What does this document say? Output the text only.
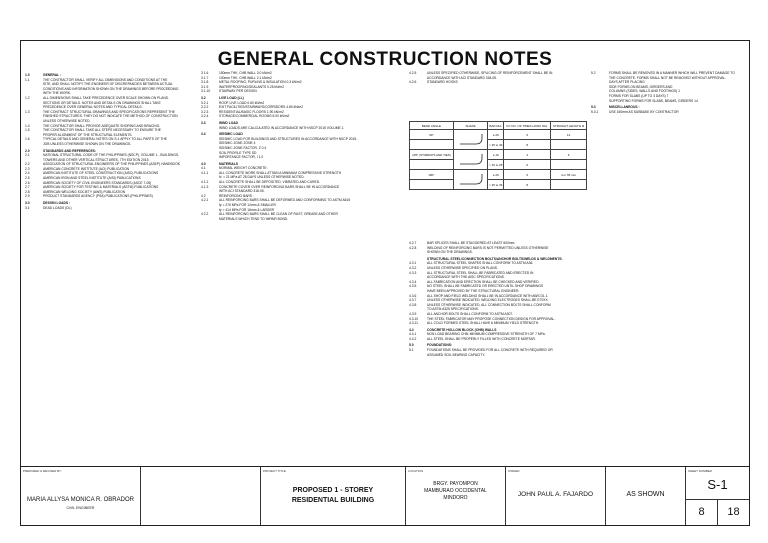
GENERAL CONSTRUCTION NOTES
1.0	GENERAL :
1.1	THE CONTRACTOR SHALL VERIFY ALL DIMENSIONS AND CONDITIONS AT THE
SITE, AND SHALL NOTIFY THE ENGINEER OF DISCREPANCIES BETWEEN ACTUAL
CONDITIONS AND INFORMATION SHOWN ON THE DRAWINGS BEFORE PROCEEDING
WITH THE WORK.
1.2	ALL DIMENSIONS SHALL TAKE PRECEDENCE OVER SCALE SHOWN ON PLANS.
SECTIONS OR DETAILS. NOTES AND DETAILS ON DRAWINGS SHALL TAKE
PRECEDENCE OVER GENERAL NOTES AND TYPICAL DETAILS.
1.3	THE CONTRACT STRUCTURAL DRAWINGS AND SPECIFICATIONS REPRESENT THE
FINISHED STRUCTURES. THEY DO NOT INDICATE THE METHOD OF CONSTRUCTION
UNLESS OTHERWISE NOTED.
1.4	THE CONTRACTOR SHALL PROVIDE ADEQUATE SHORING AND BRACING.
1.5	THE CONTRACTOR SHALL TAKE ALL STEPS NECESSARY TO ENSURE THE
PROPER ALIGNMENT OF THE STRUCTURAL ELEMENTS.
1.6	TYPICAL DETAILS AND GENERAL NOTES ON S-1 APPLY TO ALL PARTS OF THE
JOB UNLESS OTHERWISE SHOWN ON THE DRAWINGS.
2.0	STANDARDS AND REFERENCES:
2.1	NATIONAL STRUCTURAL CODE OF THE PHILIPPINES (NSCP), VOLUME 1 - BUILDINGS,
TOWERS AND OTHER VERTICAL STRUCTURES, 7TH EDITION 2015.
2.2	ASSOCIATION OF STRUCTURAL ENGINEERS OF THE PHILIPPINES (ASEP) HANDBOOK
2.3	AMERICAN CONCRETE INSTITUTE (ACI) PUBLICATION
2.4	AMERICAN INSTITUTE OF STEEL CONSTRUCTION (AISC) PUBLICATIONS
2.5	AMERICAN IRON AND STEEL INSTITUTE (AISI) PUBLICATIONS
2.6	AMERICAN SOCIETY OF CIVIL ENGINEERS STANDARDS (ASCE 7-05)
2.7	AMERICAN SOCIETY FOR TESTING & MATERIALS (ASTM) PUBLICATIONS
2.8	AMERICAN WELDING SOCIETY (AWS) PUBLICATION
2.9	PRODUCT STANDARDS AGENCY (PSA) PUBLICATIONS (PHILIPPINES)
3.0	DESIGN LOADS :
3.1	DEAD LOADS (DL)
3.1.6	150mm THK. CHB WALL 3.0 kN/m2
3.1.7	100mm THK. CHB WALL 2.1 kN/m2
3.1.8	METAL ROOFING, PURLINS & INSULATION 0.3 kN/m2
3.1.9	WATERPROOFING/SEALANTS 0.25 kN/m2
3.1.10	STAIRWAY PER DESIGN
3.2	LIVE LOAD (LL)
3.2.1	ROOF LIVE LOAD 0.60 kN/m2
3.2.2	EXIT FACILITIES/STAIRWAYS/CORRIDORS 4.80 kN/m2
3.2.3	RESIDENTIAL/BASIC FLOORS 1.90 kN/m2
3.2.4	STORAGE/COMMERCIAL ROOMS 6.00 kN/m2
3.3	WIND LOAD
WIND LOADS ARE CALCULATED IN ACCORDANCE WITH NSCP 2015 VOLUME 1.
3.4	SEISMIC LOAD
SEISMIC LOAD FOR BUILDINGS AND STRUCTURES IN ACCORDANCE WITH NSCP 2015.
SEISMIC ZONE ZONE 4
SEISMIC ZONE FACTOR, Z 0.4
SOIL PROFILE TYPE SD
IMPORTANCE FACTOR, I 1.0
4.0	MATERIALS
4.1	NORMAL WEIGHT CONCRETE :
4.1.1	ALL CONCRETE WORK SHALL ATTAIN A MINIMUM COMPRESSIVE STRENGTH
fc' = 21 MPa AT 28 DAYS UNLESS OTHERWISE NOTED.
4.1.2	ALL CONCRETE SHALL BE DEPOSITED, VIBRATED AND CURED.
4.1.3	CONCRETE COVER OVER REINFORCING BARS SHALL BE IN ACCORDANCE
WITH ACI STANDARD 318-05.
4.2	REINFORCING BARS :
4.2.1	ALL REINFORCING BARS SHALL BE DEFORMED AND CONFORMING TO ASTM A615
fy = 276 MPa FOR 12mm & SMALLER
fy = 414 MPa FOR 16mm & LARGER
4.2.2	ALL REINFORCING BARS SHALL BE CLEAN OF RUST, GREASE AND OTHER
MATERIALS WHICH TEND TO IMPAIR BOND.
4.2.5	UNLESS SPECIFIED OTHERWISE, SPLICING OF REINFORCEMENT SHALL BE IN
ACCORDANCE WITH ACI STANDARD 318-05.
4.2.6	STANDARD HOOKS
BEND ANGLE	SHAPE	BAR DIA.	D= NO. OF TIMES HOOK DIA.	STRAIGHT LENGTH ld
90°		≤ 20	6	12
		> 25 to 36	8	
135° (STIRRUPS AND TIES)		≤ 16	4	6
		> 16 to 25	6	
180°		≤ 20	6	4 or 65 mm
		> 25 to 36	8	
4.2.7	BAR SPLICES SHALL BE STAGGERED AT LEAST 600mm.
4.2.8	WELDING OF REINFORCING BARS IS NOT PERMITTED UNLESS OTHERWISE
SHOWN ON THE DRAWINGS.
STRUCTURAL STEEL/CONNECTION BOLTS/ANCHOR BOLTS/WELDS & WELDMENTS:
4.3.1	ALL STRUCTURAL STEEL SHAPES SHALL CONFORM TO ASTM A36.
4.3.2	UNLESS OTHERWISE SPECIFIED ON PLANS.
4.3.3	ALL STRUCTURAL STEEL SHALL BE FABRICATED AND ERECTED IN
ACCORDANCE WITH THE AISC SPECIFICATIONS.
4.3.4	ALL FABRICATION AND ERECTION SHALL BE CHECKED AND VERIFIED.
4.3.5	NO STEEL SHALL BE FABRICATED OR ERECTED UNTIL SHOP DRAWINGS
HAVE BEEN APPROVED BY THE STRUCTURAL ENGINEER.
4.3.6	ALL SHOP AND FIELD WELDING SHALL BE IN ACCORDANCE WITH AWS D1.1.
4.3.7	UNLESS OTHERWISE INDICATED, WELDING ELECTRODES SHALL BE E70XX.
4.3.8	UNLESS OTHERWISE INDICATED, ALL CONNECTION BOLTS SHALL CONFORM
TO ASTM A325 SPECIFICATIONS.
4.3.9	ALL ANCHOR BOLTS SHALL CONFORM TO ASTM A307.
4.3.10	THE STEEL FABRICATOR MAY PROPOSE CONNECTION DESIGN FOR APPROVAL.
4.3.11	ALL COLD FORMED STEEL SHALL HAVE A MINIMUM YIELD STRENGTH.
4.4	CONCRETE HOLLOW BLOCK (CHB) WALLS
4.4.1	NON LOAD BEARING CHB: MINIMUM COMPRESSIVE STRENGTH OF 7 MPa.
4.4.2	ALL STEEL SHALL BE PROPERLY FILLED WITH CONCRETE MORTAR.
5.0	FOUNDATIONS:
5.1	FOUNDATIONS SHALL BE PROVIDED FOR ALL CONCRETE WITH REQUIRED OR
ASSUMED SOIL BEARING CAPACITY.
5.2	FORMS SHALL BE REMOVED IN A MANNER WHICH WILL PREVENT DAMAGE TO
THE CONCRETE. FORMS SHALL NOT BE REMOVED WITHOUT APPROVAL.
DAYS AFTER PLACING
SIDE FORMS ON BEAMS, GIRDERS AND
COLUMNS (SIDES, WALLS AND FOOTINGS) 1
FORMS FOR SLABS (UP TO 3 DAYS) 7
SUPPORTING FORMS FOR SLABS, BEAMS, GIRDERS 14
5.3	MISCELLANEOUS :
5.3.1	USE 150mm AS SUBBASE BY CONTRACTOR
PREPARED & REVISED BY:
MARIA ALLYSA MONICA R. OBRADOR
CIVIL ENGINEER
PROJECT TITLE
PROPOSED 1 - STOREY
RESIDENTIAL BUILDING
LOCATION
BRGY. PAYOMPON
MAMBURAO OCCIDENTAL
MINDORO
OWNER
JOHN PAUL A. FAJARDO	AS SHOWN
SHEET NUMBER
S-1
8	18
